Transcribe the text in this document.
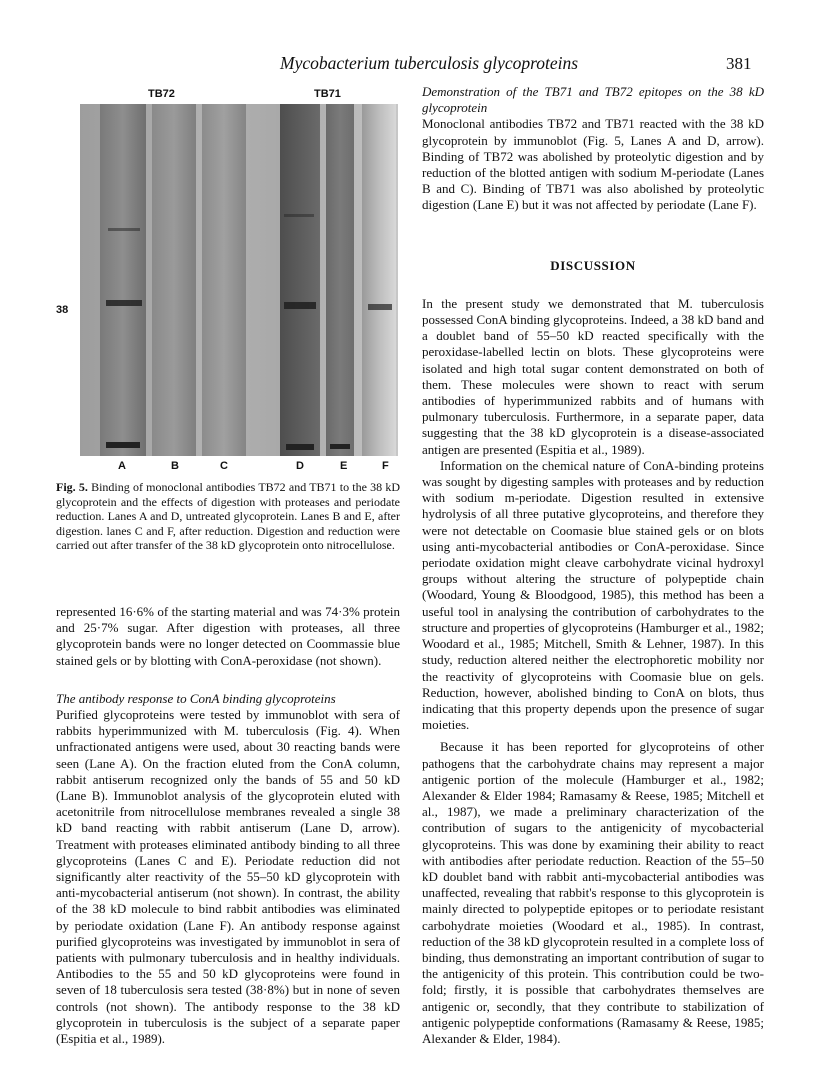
Mycobacterium tuberculosis glycoproteins	381
TB72	TB71
38
A	B	C	D	E	F
Fig. 5. Binding of monoclonal antibodies TB72 and TB71 to the 38 kD glycoprotein and the effects of digestion with proteases and periodate reduction. Lanes A and D, untreated glycoprotein. Lanes B and E, after digestion. lanes C and F, after reduction. Digestion and reduction were carried out after transfer of the 38 kD glycoprotein onto nitrocellulose.

represented 16·6% of the starting material and was 74·3% protein and 25·7% sugar. After digestion with proteases, all three glycoprotein bands were no longer detected on Coommassie blue stained gels or by blotting with ConA-peroxidase (not shown).

The antibody response to ConA binding glycoproteins

Purified glycoproteins were tested by immunoblot with sera of rabbits hyperimmunized with M. tuberculosis (Fig. 4). When unfractionated antigens were used, about 30 reacting bands were seen (Lane A). On the fraction eluted from the ConA column, rabbit antiserum recognized only the bands of 55 and 50 kD (Lane B). Immunoblot analysis of the glycoprotein eluted with acetonitrile from nitrocellulose membranes revealed a single 38 kD band reacting with rabbit antiserum (Lane D, arrow). Treatment with proteases eliminated antibody binding to all three glycoproteins (Lanes C and E). Periodate reduction did not significantly alter reactivity of the 55–50 kD glycoprotein with anti-mycobacterial antiserum (not shown). In contrast, the ability of the 38 kD molecule to bind rabbit antibodies was eliminated by periodate oxidation (Lane F). An antibody response against purified glycoproteins was investigated by immunoblot in sera of patients with pulmonary tuberculosis and in healthy individuals. Antibodies to the 55 and 50 kD glycoproteins were found in seven of 18 tuberculosis sera tested (38·8%) but in none of seven controls (not shown). The antibody response to the 38 kD glycoprotein in tuberculosis is the subject of a separate paper (Espitia et al., 1989).

Demonstration of the TB71 and TB72 epitopes on the 38 kD glycoprotein

Monoclonal antibodies TB72 and TB71 reacted with the 38 kD glycoprotein by immunoblot (Fig. 5, Lanes A and D, arrow). Binding of TB72 was abolished by proteolytic digestion and by reduction of the blotted antigen with sodium M-periodate (Lanes B and C). Binding of TB71 was also abolished by proteolytic digestion (Lane E) but it was not affected by periodate (Lane F).

DISCUSSION

In the present study we demonstrated that M. tuberculosis possessed ConA binding glycoproteins. Indeed, a 38 kD band and a doublet band of 55–50 kD reacted specifically with the peroxidase-labelled lectin on blots. These glycoproteins were isolated and high total sugar content demonstrated on both of them. These molecules were shown to react with serum antibodies of hyperimmunized rabbits and of humans with pulmonary tuberculosis. Furthermore, in a separate paper, data suggesting that the 38 kD glycoprotein is a disease-associated antigen are presented (Espitia et al., 1989).

Information on the chemical nature of ConA-binding proteins was sought by digesting samples with proteases and by reduction with sodium m-periodate. Digestion resulted in extensive hydrolysis of all three putative glycoproteins, and therefore they were not detectable on Coomasie blue stained gels or on blots using anti-mycobacterial antibodies or ConA-peroxidase. Since periodate oxidation might cleave carbohydrate vicinal hydroxyl groups without altering the structure of polypeptide chain (Woodard, Young & Bloodgood, 1985), this method has been a useful tool in analysing the contribution of carbohydrates to the structure and properties of glycoproteins (Hamburger et al., 1982; Woodard et al., 1985; Mitchell, Smith & Lehner, 1987). In this study, reduction altered neither the electrophoretic mobility nor the reactivity of glycoproteins with Coomasie blue on gels. Reduction, however, abolished binding to ConA on blots, thus indicating that this property depends upon the presence of sugar moieties.

Because it has been reported for glycoproteins of other pathogens that the carbohydrate chains may represent a major antigenic portion of the molecule (Hamburger et al., 1982; Alexander & Elder 1984; Ramasamy & Reese, 1985; Mitchell et al., 1987), we made a preliminary characterization of the contribution of sugars to the antigenicity of mycobacterial glycoproteins. This was done by examining their ability to react with antibodies after periodate reduction. Reaction of the 55–50 kD doublet band with rabbit anti-mycobacterial antibodies was unaffected, revealing that rabbit's response to this glycoprotein is mainly directed to polypeptide epitopes or to periodate resistant carbohydrate moieties (Woodard et al., 1985). In contrast, reduction of the 38 kD glycoprotein resulted in a complete loss of binding, thus demonstrating an important contribution of sugar to the antigenicity of this protein. This contribution could be two-fold; firstly, it is possible that carbohydrates themselves are antigenic or, secondly, that they contribute to stabilization of antigenic polypeptide conformations (Ramasamy & Reese, 1985; Alexander & Elder, 1984).
